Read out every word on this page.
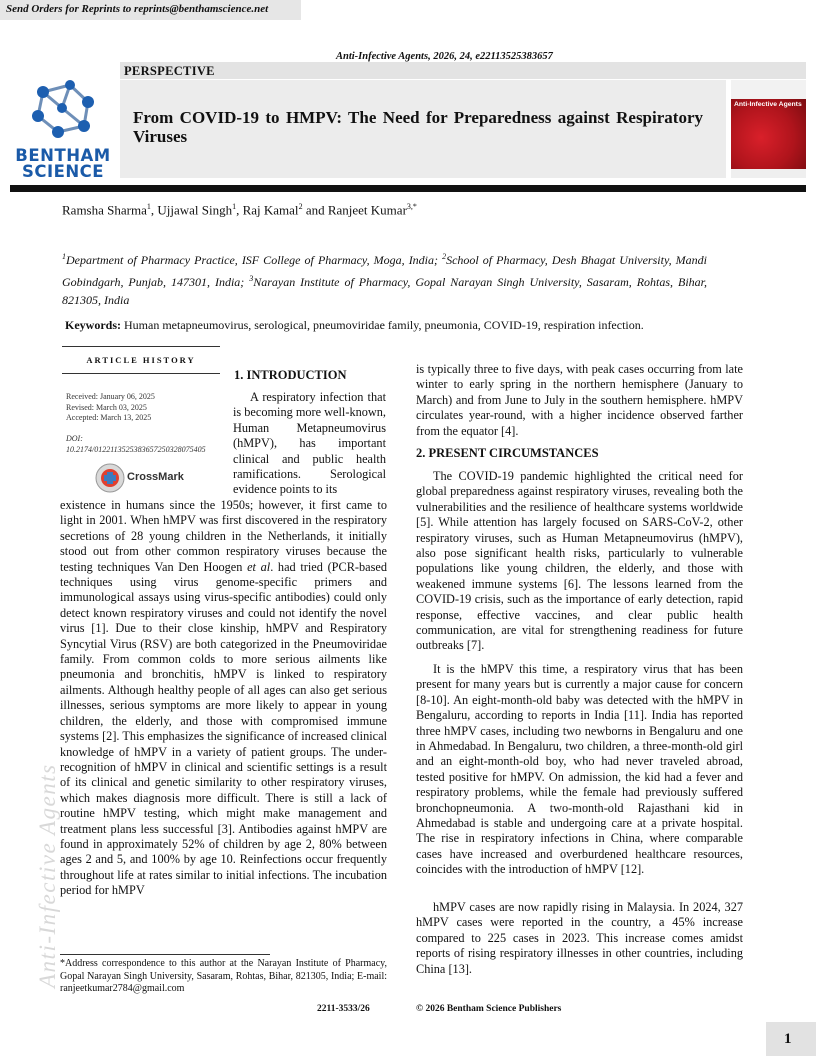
Send Orders for Reprints to reprints@benthamscience.net
Anti-Infective Agents, 2026, 24, e22113525383657
PERSPECTIVE
From COVID-19 to HMPV: The Need for Preparedness against Respiratory Viruses
BENTHAM
SCIENCE
Anti-Infective Agents
Ramsha Sharma$^1$, Ujjawal Singh$^1$, Raj Kamal$^2$ and Ranjeet Kumar$^{3,*}$
$^1$Department of Pharmacy Practice, ISF College of Pharmacy, Moga, India; $^2$School of Pharmacy, Desh Bhagat University, Mandi Gobindgarh, Punjab, 147301, India; $^3$Narayan Institute of Pharmacy, Gopal Narayan Singh University, Sasaram, Rohtas, Bihar, 821305, India
Keywords: Human metapneumovirus, serological, pneumoviridae family, pneumonia, COVID-19, respiration infection.
ARTICLE HISTORY
Received: January 06, 2025
Revised: March 03, 2025
Accepted: March 13, 2025
DOI:
10.2174/0122113525383657250328075405
CrossMark
1. INTRODUCTION
A respiratory infection that is becoming more well-known, Human Metapneumovirus (hMPV), has important clinical and public health ramifications. Serological evidence points to its
existence in humans since the 1950s; however, it first came to light in 2001. When hMPV was first discovered in the respiratory secretions of 28 young children in the Netherlands, it initially stood out from other common respiratory viruses because the testing techniques Van Den Hoogen et al. had tried (PCR-based techniques using virus genome-specific primers and immunological assays using virus-specific antibodies) could only detect known respiratory viruses and could not identify the novel virus [1]. Due to their close kinship, hMPV and Respiratory Syncytial Virus (RSV) are both categorized in the Pneumoviridae family. From common colds to more serious ailments like pneumonia and bronchitis, hMPV is linked to respiratory ailments. Although healthy people of all ages can also get serious illnesses, serious symptoms are more likely to appear in young children, the elderly, and those with compromised immune systems [2]. This emphasizes the significance of increased clinical knowledge of hMPV in a variety of patient groups. The under-recognition of hMPV in clinical and scientific settings is a result of its clinical and genetic similarity to other respiratory viruses, which makes diagnosis more difficult. There is still a lack of routine hMPV testing, which might make management and treatment plans less successful [3]. Antibodies against hMPV are found in approximately 52% of children by age 2, 80% between ages 2 and 5, and 100% by age 10. Reinfections occur frequently throughout life at rates similar to initial infections. The incubation period for hMPV
is typically three to five days, with peak cases occurring from late winter to early spring in the northern hemisphere (January to March) and from June to July in the southern hemisphere. hMPV circulates year-round, with a higher incidence observed farther from the equator [4].
2. PRESENT CIRCUMSTANCES
The COVID-19 pandemic highlighted the critical need for global preparedness against respiratory viruses, revealing both the vulnerabilities and the resilience of healthcare systems worldwide [5]. While attention has largely focused on SARS-CoV-2, other respiratory viruses, such as Human Metapneumovirus (hMPV), also pose significant health risks, particularly to vulnerable populations like young children, the elderly, and those with weakened immune systems [6]. The lessons learned from the COVID-19 crisis, such as the importance of early detection, rapid response, effective vaccines, and clear public health communication, are vital for strengthening readiness for future outbreaks [7].
It is the hMPV this time, a respiratory virus that has been present for many years but is currently a major cause for concern [8-10]. An eight-month-old baby was detected with the hMPV in Bengaluru, according to reports in India [11]. India has reported three hMPV cases, including two newborns in Bengaluru and one in Ahmedabad. In Bengaluru, two children, a three-month-old girl and an eight-month-old boy, who had never traveled abroad, tested positive for hMPV. On admission, the kid had a fever and respiratory problems, while the female had previously suffered bronchopneumonia. A two-month-old Rajasthani kid in Ahmedabad is stable and undergoing care at a private hospital. The rise in respiratory infections in China, where comparable cases have increased and overburdened healthcare resources, coincides with the introduction of hMPV [12].
hMPV cases are now rapidly rising in Malaysia. In 2024, 327 hMPV cases were reported in the country, a 45% increase compared to 225 cases in 2023. This increase comes amidst reports of rising respiratory illnesses in other countries, including China [13].
*Address correspondence to this author at the Narayan Institute of Pharmacy, Gopal Narayan Singh University, Sasaram, Rohtas, Bihar, 821305, India; E-mail: ranjeetkumar2784@gmail.com
Anti-Infective Agents
2211-3533/26	© 2026 Bentham Science Publishers
1
